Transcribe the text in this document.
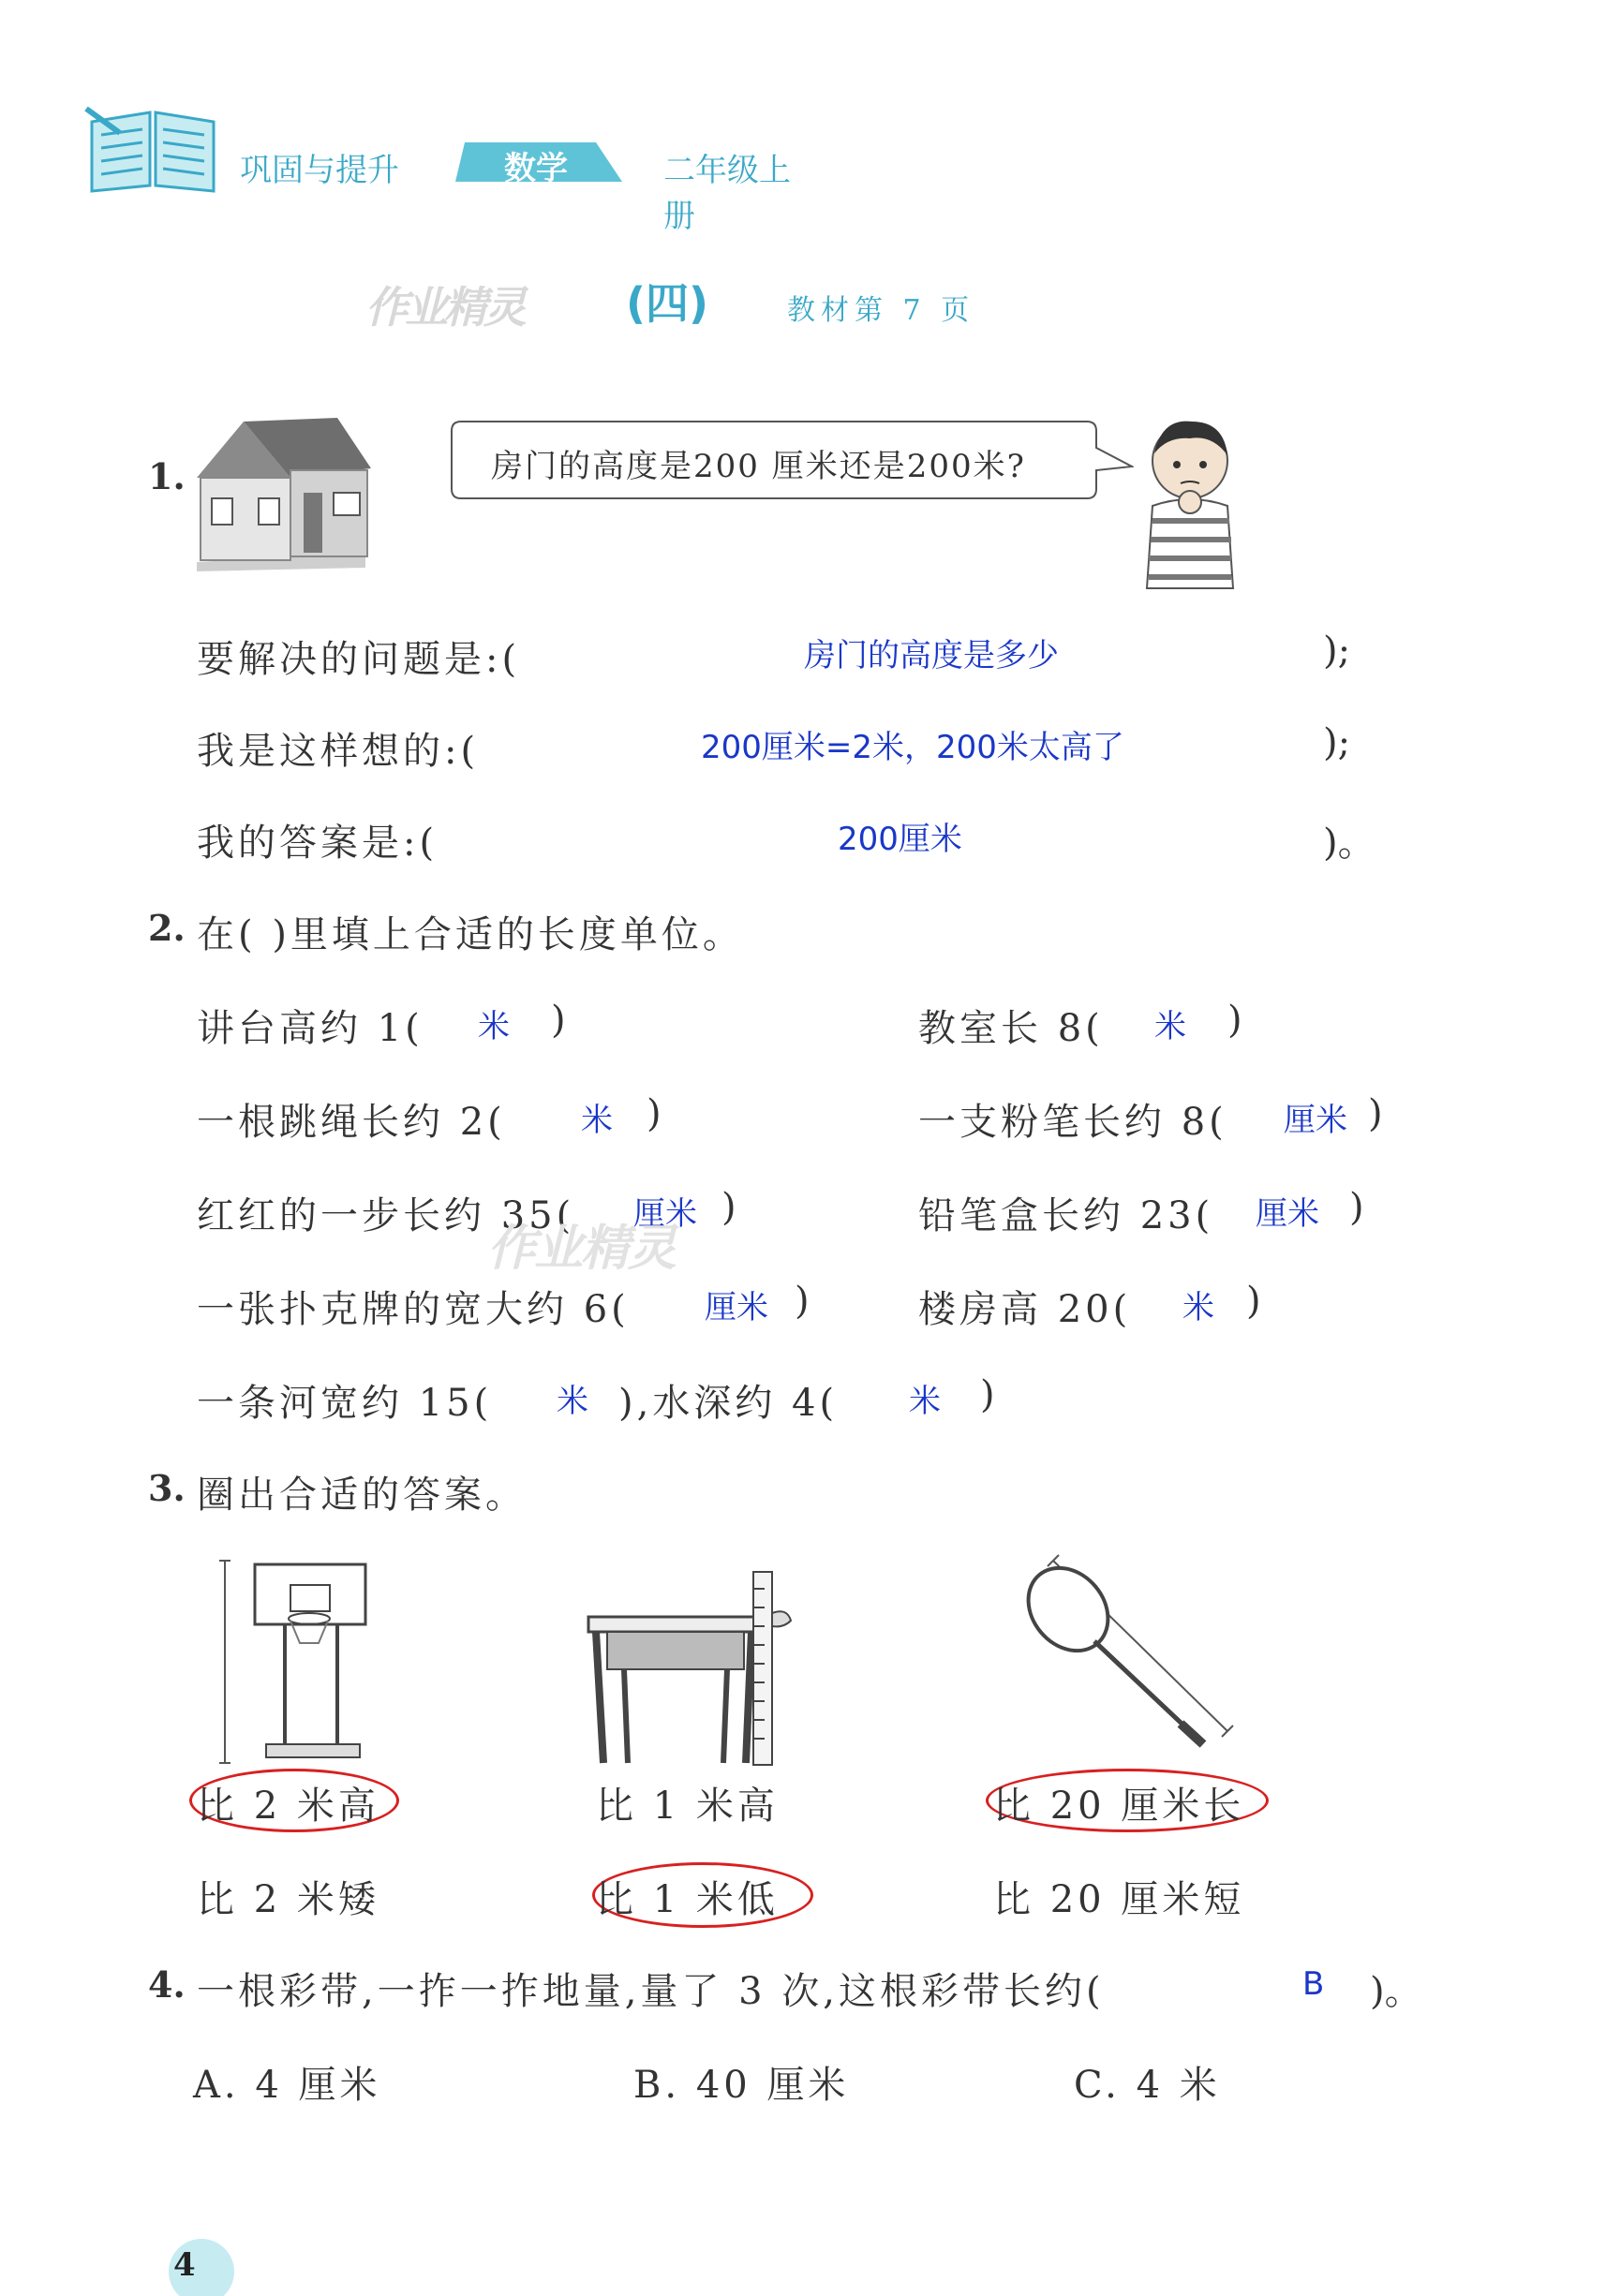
巩固与提升	数学	二年级上册
作业精灵 (四)	教材第 7 页
1.	房门的高度是200 厘米还是200米?
要解决的问题是:(	房门的高度是多少	);
我是这样想的:(	200厘米=2米，200米太高了	);
我的答案是:(	200厘米	)。
2. 在( )里填上合适的长度单位。
讲台高约 1( 米 )	教室长 8( 米 )
一根跳绳长约 2( 米 )	一支粉笔长约 8( 厘米 )
红红的一步长约 35( 厘米 )	铅笔盒长约 23( 厘米 )
一张扑克牌的宽大约 6( 厘米 )	楼房高 20( 米 )
一条河宽约 15( 米 ),水深约 4( 米 )
作业精灵
3. 圈出合适的答案。
比 2 米高
比 2 米矮
比 1 米高
比 1 米低
比 20 厘米长
比 20 厘米短
4. 一根彩带,一拃一拃地量,量了 3 次,这根彩带长约(	B )。
A. 4 厘米	B. 40 厘米	C. 4 米
4
